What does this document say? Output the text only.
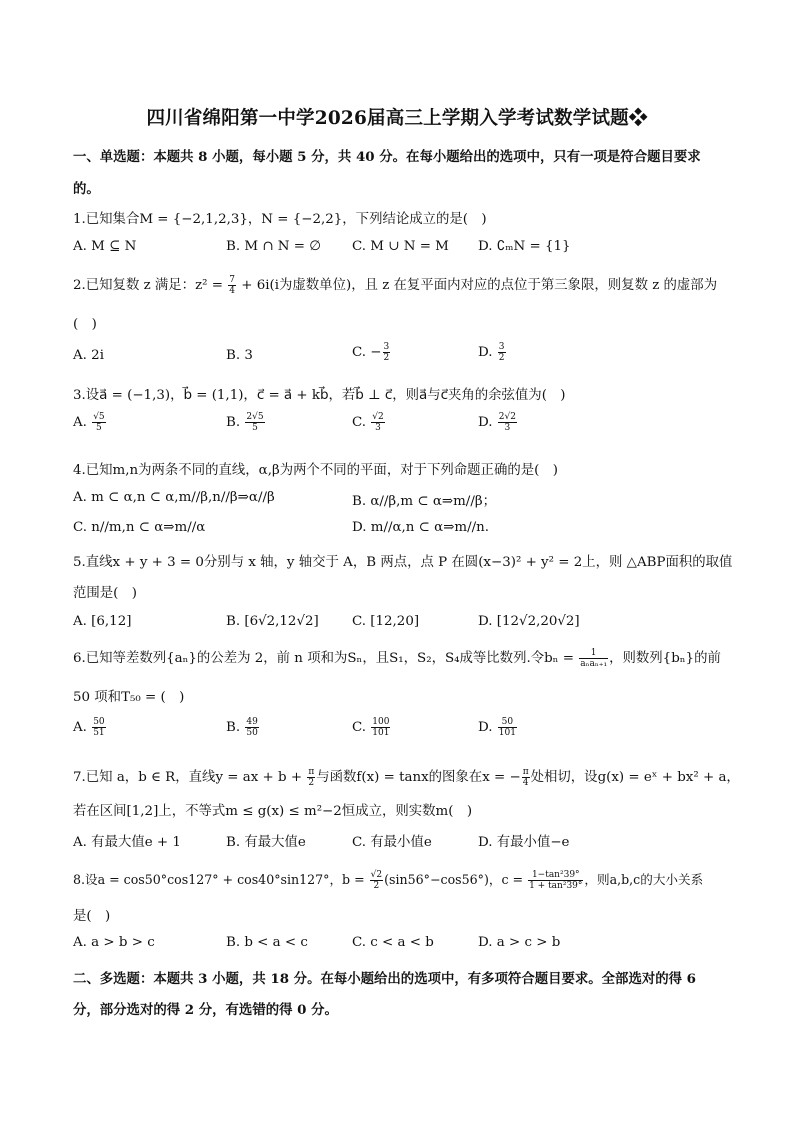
四川省绵阳第一中学2026届高三上学期入学考试数学试题❖
一、单选题：本题共 8 小题，每小题 5 分，共 40 分。在每小题给出的选项中，只有一项是符合题目要求
的。
1.已知集合M = {−2,1,2,3}，N = {−2,2}，下列结论成立的是(　)
A. M ⊆ N	B. M ∩ N = ∅ C. M ∪ N = M D. ∁ₘN = {1}
2.已知复数 z 满足：$z^2 = \frac{7}{4} + 6i(i$为虚数单位)，且 z 在复平面内对应的点位于第三象限，则复数 z 的虚部为
(　)
A. 2i	B. 3	C. − $\frac{3}{2}$	D. $\frac{3}{2}$
3.设a⃗ = (−1,3)，b⃗ = (1,1)，c⃗ = a⃗ + kb⃗，若b⃗ ⊥ c⃗，则a⃗与c⃗夹角的余弦值为(　)
A. $\frac{√5}{5}$	B. $\frac{2√5}{5}$	C. $\frac{√2}{3}$	D. $\frac{2√2}{3}$
4.已知m,n为两条不同的直线，α,β为两个不同的平面，对于下列命题正确的是(　)
A. m ⊂ α,n ⊂ α,m//β,n//β⇒α//β	B. α//β,m ⊂ α⇒m//β；
C. n//m,n ⊂ α⇒m//α	D. m//α,n ⊂ α⇒m//n.
5.直线x + y + 3 = 0分别与 x 轴，y 轴交于 A，B 两点，点 P 在圆(x−3)² + y² = 2上，则 △ABP面积的取值
范围是(　)
A. [6,12]	B. [6√2,12√2] C. [12,20]	D. [12√2,20√2]
6.已知等差数列{aₙ}的公差为 2，前 n 项和为Sₙ，且S₁，S₂，S₄成等比数列.令$b_n = \frac{1}{\text{aₙaₙ₊₁}}$ ，则数列{bₙ}的前
50 项和T₅₀ = (　)
A. $\frac{50}{51}$	B. $\frac{49}{50}$	C. $\frac{100}{101}$	D. $\frac{50}{101}$
7.已知 a，b ∈ R，直线y = ax + $b + \frac{\pi}{2}$ 与函数f(x) = tanx的图象在x = − $\frac{\pi}{4}$ 处相切，设g(x) = eˣ + bx² + a，
若在区间[1,2]上，不等式m ≤ g(x) ≤ m²−2恒成立，则实数m(　)
A. 有最大值e + 1	B. 有最大值e	C. 有最小值e	D. 有最小值−e
8.设a = cos50°cos127° + cos40°sin127°，$b = \frac{√2}{2} (\sin 56^\circ-\cos 56^\circ)$，$c = \frac{\text{1−tan²39°}}{\text{1 + tan²39°}}$ ，则a,b,c的大小关系
是(　)
A. a > b > c	B. b < a < c	C. c < a < b	D. a > c > b
二、多选题：本题共 3 小题，共 18 分。在每小题给出的选项中，有多项符合题目要求。全部选对的得 6
分，部分选对的得 2 分，有选错的得 0 分。
